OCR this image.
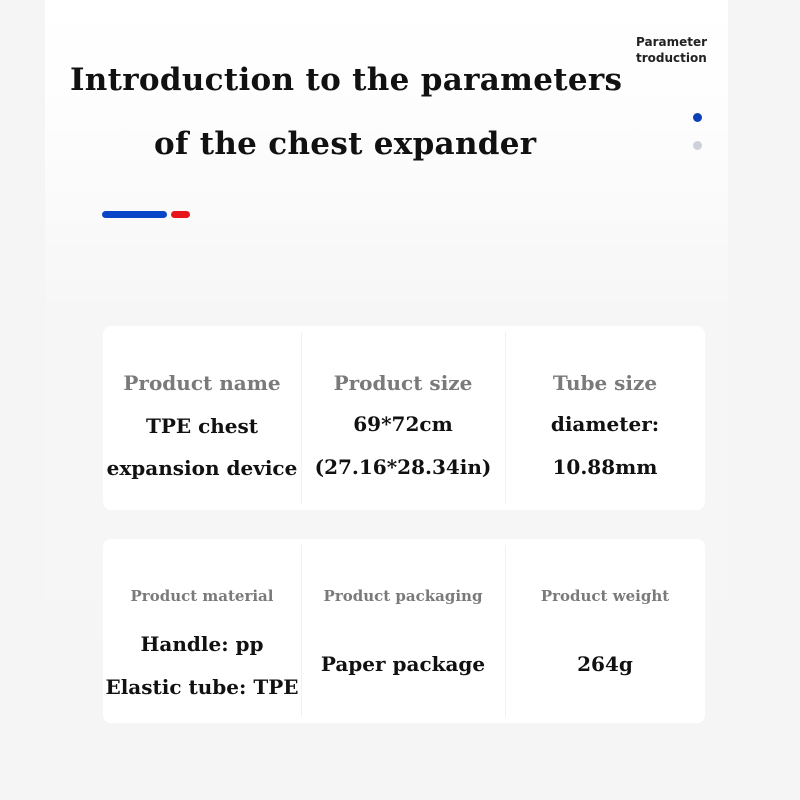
Introduction to the parameters
of the chest expander
Parameter
troduction
Product name
TPE chest
expansion device
Product size
69*72cm
(27.16*28.34in)
Tube size
diameter:
10.88mm
Product material
Handle: pp
Elastic tube: TPE
Product packaging
Paper package
Product weight
264g
